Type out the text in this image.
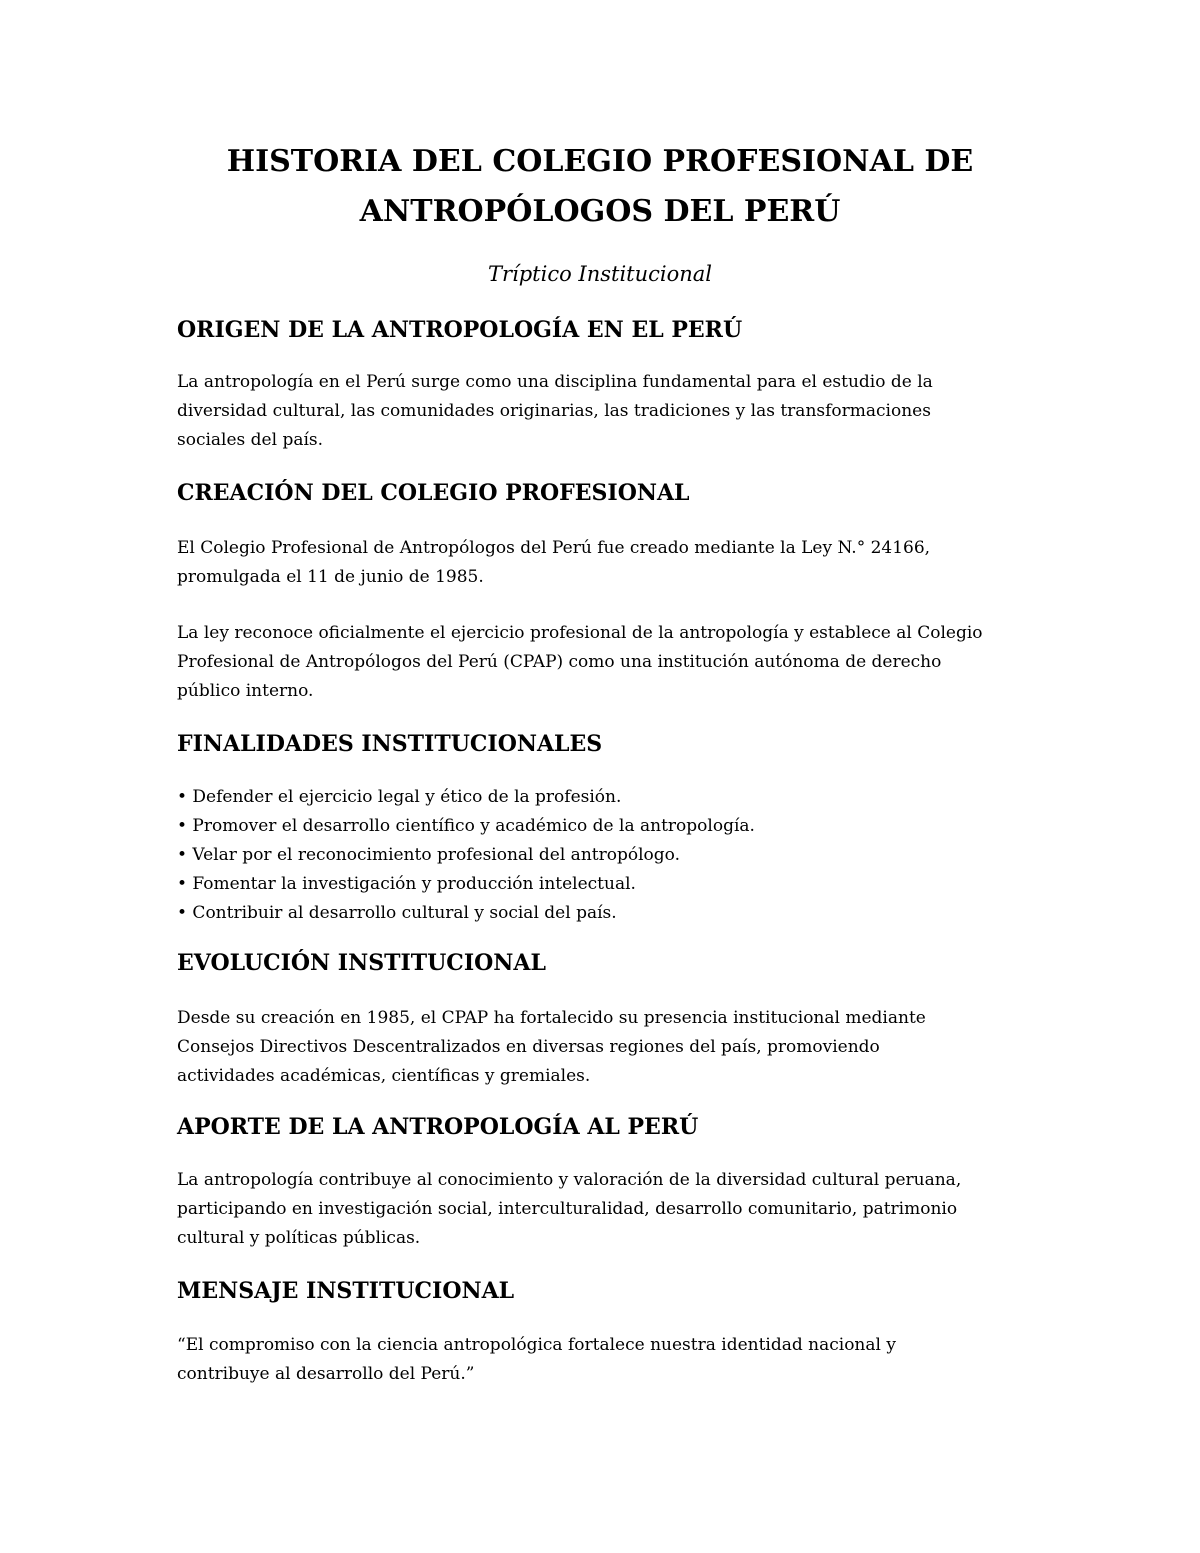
HISTORIA DEL COLEGIO PROFESIONAL DE
ANTROPÓLOGOS DEL PERÚ
Tríptico Institucional
ORIGEN DE LA ANTROPOLOGÍA EN EL PERÚ
La antropología en el Perú surge como una disciplina fundamental para el estudio de la
diversidad cultural, las comunidades originarias, las tradiciones y las transformaciones
sociales del país.
CREACIÓN DEL COLEGIO PROFESIONAL
El Colegio Profesional de Antropólogos del Perú fue creado mediante la Ley N.° 24166,
promulgada el 11 de junio de 1985.
La ley reconoce oficialmente el ejercicio profesional de la antropología y establece al Colegio
Profesional de Antropólogos del Perú (CPAP) como una institución autónoma de derecho
público interno.
FINALIDADES INSTITUCIONALES
• Defender el ejercicio legal y ético de la profesión.
• Promover el desarrollo científico y académico de la antropología.
• Velar por el reconocimiento profesional del antropólogo.
• Fomentar la investigación y producción intelectual.
• Contribuir al desarrollo cultural y social del país.
EVOLUCIÓN INSTITUCIONAL
Desde su creación en 1985, el CPAP ha fortalecido su presencia institucional mediante
Consejos Directivos Descentralizados en diversas regiones del país, promoviendo
actividades académicas, científicas y gremiales.
APORTE DE LA ANTROPOLOGÍA AL PERÚ
La antropología contribuye al conocimiento y valoración de la diversidad cultural peruana,
participando en investigación social, interculturalidad, desarrollo comunitario, patrimonio
cultural y políticas públicas.
MENSAJE INSTITUCIONAL
“El compromiso con la ciencia antropológica fortalece nuestra identidad nacional y
contribuye al desarrollo del Perú.”
